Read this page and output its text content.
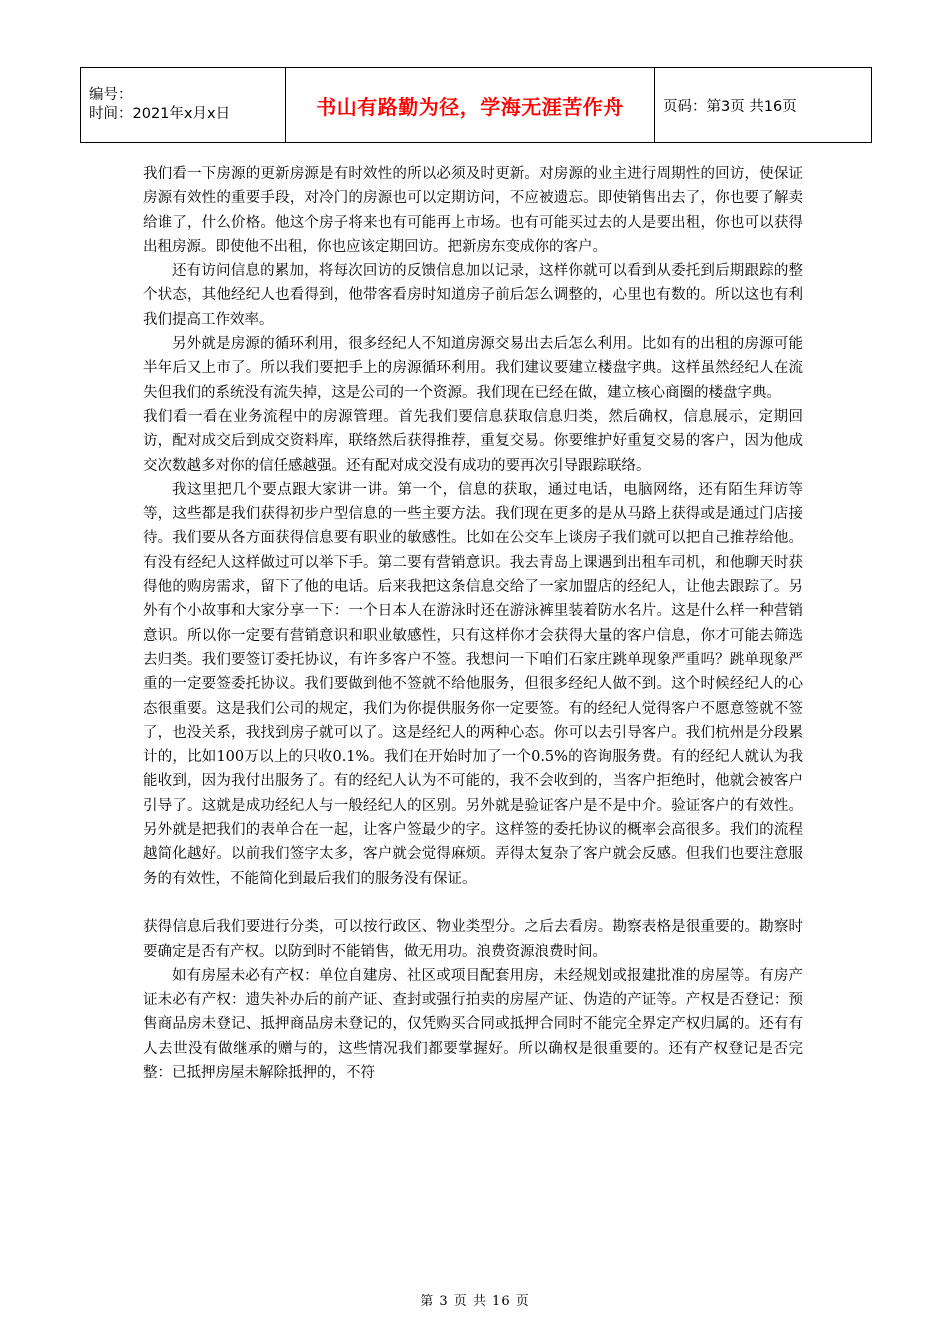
编号：
时间：2021年x月x日	书山有路勤为径，学海无涯苦作舟	页码：第3页 共16页

我们看一下房源的更新房源是有时效性的所以必须及时更新。对房源的业主进行周期性的回访，使保证房源有效性的重要手段，对冷门的房源也可以定期访问，不应被遗忘。即使销售出去了，你也要了解卖给谁了，什么价格。他这个房子将来也有可能再上市场。也有可能买过去的人是要出租，你也可以获得出租房源。即使他不出租，你也应该定期回访。把新房东变成你的客户。

还有访问信息的累加，将每次回访的反馈信息加以记录，这样你就可以看到从委托到后期跟踪的整个状态，其他经纪人也看得到，他带客看房时知道房子前后怎么调整的，心里也有数的。所以这也有利我们提高工作效率。

另外就是房源的循环利用，很多经纪人不知道房源交易出去后怎么利用。比如有的出租的房源可能半年后又上市了。所以我们要把手上的房源循环利用。我们建议要建立楼盘字典。这样虽然经纪人在流失但我们的系统没有流失掉，这是公司的一个资源。我们现在已经在做，建立核心商圈的楼盘字典。

我们看一看在业务流程中的房源管理。首先我们要信息获取信息归类，然后确权，信息展示，定期回访，配对成交后到成交资料库，联络然后获得推荐，重复交易。你要维护好重复交易的客户，因为他成交次数越多对你的信任感越强。还有配对成交没有成功的要再次引导跟踪联络。

我这里把几个要点跟大家讲一讲。第一个，信息的获取，通过电话，电脑网络，还有陌生拜访等等，这些都是我们获得初步户型信息的一些主要方法。我们现在更多的是从马路上获得或是通过门店接待。我们要从各方面获得信息要有职业的敏感性。比如在公交车上谈房子我们就可以把自己推荐给他。有没有经纪人这样做过可以举下手。第二要有营销意识。我去青岛上课遇到出租车司机，和他聊天时获得他的购房需求，留下了他的电话。后来我把这条信息交给了一家加盟店的经纪人，让他去跟踪了。另外有个小故事和大家分享一下：一个日本人在游泳时还在游泳裤里装着防水名片。这是什么样一种营销意识。所以你一定要有营销意识和职业敏感性，只有这样你才会获得大量的客户信息，你才可能去筛选去归类。我们要签订委托协议，有许多客户不签。我想问一下咱们石家庄跳单现象严重吗？跳单现象严重的一定要签委托协议。我们要做到他不签就不给他服务，但很多经纪人做不到。这个时候经纪人的心态很重要。这是我们公司的规定，我们为你提供服务你一定要签。有的经纪人觉得客户不愿意签就不签了，也没关系，我找到房子就可以了。这是经纪人的两种心态。你可以去引导客户。我们杭州是分段累计的，比如100万以上的只收0.1%。我们在开始时加了一个0.5%的咨询服务费。有的经纪人就认为我能收到，因为我付出服务了。有的经纪人认为不可能的，我不会收到的，当客户拒绝时，他就会被客户引导了。这就是成功经纪人与一般经纪人的区别。另外就是验证客户是不是中介。验证客户的有效性。另外就是把我们的表单合在一起，让客户签最少的字。这样签的委托协议的概率会高很多。我们的流程越简化越好。以前我们签字太多，客户就会觉得麻烦。弄得太复杂了客户就会反感。但我们也要注意服务的有效性，不能简化到最后我们的服务没有保证。

获得信息后我们要进行分类，可以按行政区、物业类型分。之后去看房。勘察表格是很重要的。勘察时要确定是否有产权。以防到时不能销售，做无用功。浪费资源浪费时间。

如有房屋未必有产权：单位自建房、社区或项目配套用房，未经规划或报建批准的房屋等。有房产证未必有产权：遗失补办后的前产证、查封或强行拍卖的房屋产证、伪造的产证等。产权是否登记：预售商品房未登记、抵押商品房未登记的，仅凭购买合同或抵押合同时不能完全界定产权归属的。还有有人去世没有做继承的赠与的，这些情况我们都要掌握好。所以确权是很重要的。还有产权登记是否完整：已抵押房屋未解除抵押的，不符

第 3 页 共 16 页
